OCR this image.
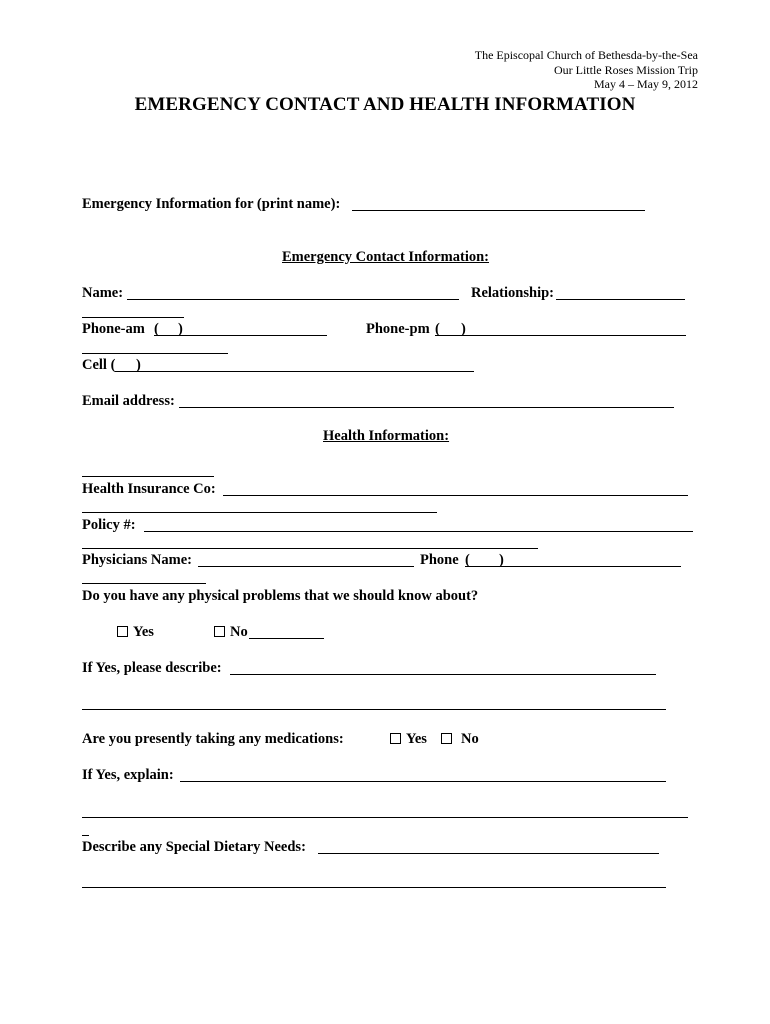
The Episcopal Church of Bethesda-by-the-Sea
Our Little Roses Mission Trip
May 4 – May 9, 2012
EMERGENCY CONTACT AND HEALTH INFORMATION
Emergency Information for (print name):
Emergency Contact Information:
Name:	Relationship:
Phone-am ( )	Phone-pm ( )
Cell ( )
Email address:
Health Information:
Health Insurance Co:
Policy #:
Physicians Name:	Phone ( )
Do you have any physical problems that we should know about?
Yes	No
If Yes, please describe:
Are you presently taking any medications:	Yes No
If Yes, explain:
Describe any Special Dietary Needs:
